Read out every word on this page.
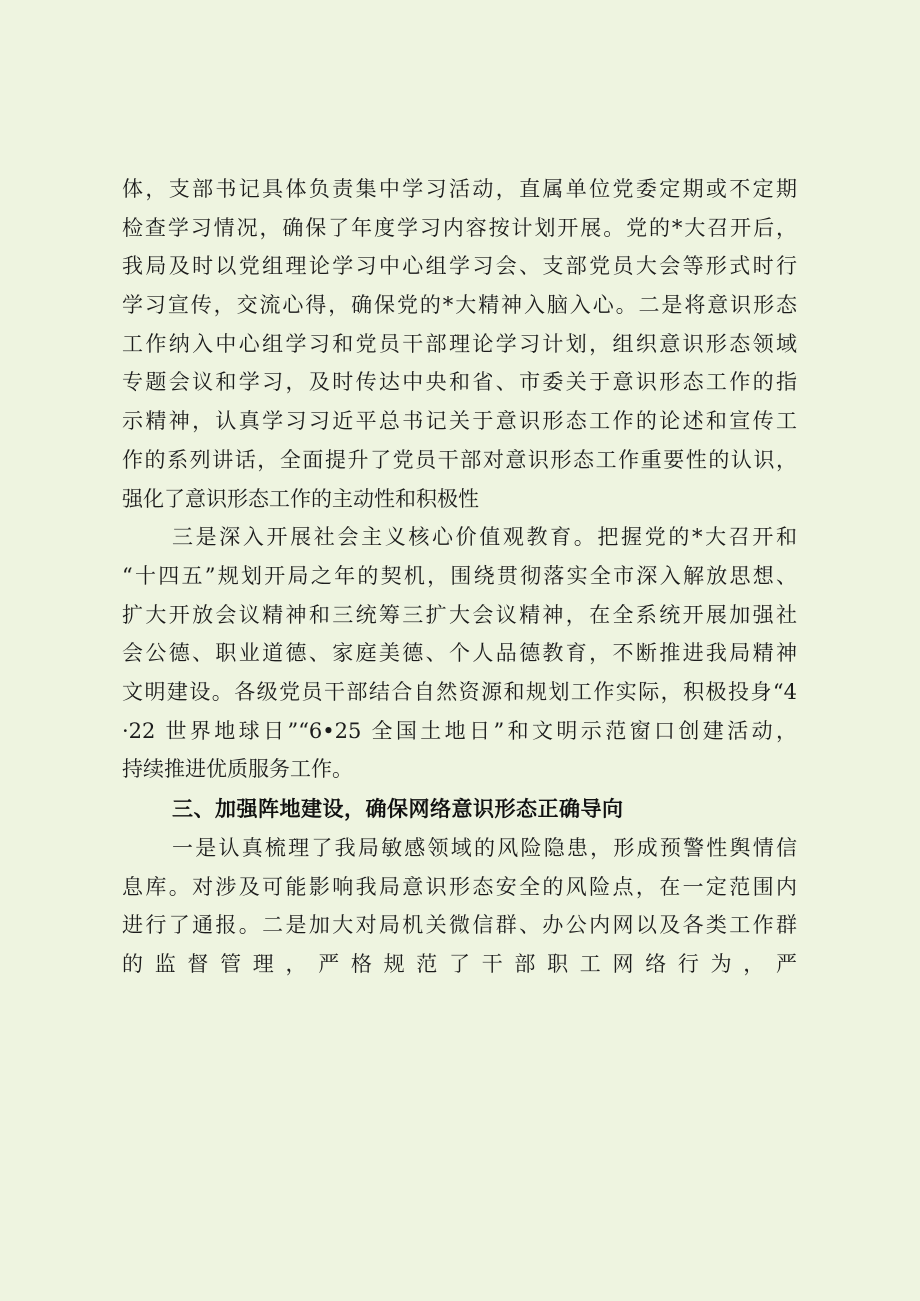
体，支部书记具体负责集中学习活动，直属单位党委定期或不定期
检查学习情况，确保了年度学习内容按计划开展。党的*大召开后，
我局及时以党组理论学习中心组学习会、支部党员大会等形式时行
学习宣传，交流心得，确保党的*大精神入脑入心。二是将意识形态
工作纳入中心组学习和党员干部理论学习计划，组织意识形态领域
专题会议和学习，及时传达中央和省、市委关于意识形态工作的指
示精神，认真学习习近平总书记关于意识形态工作的论述和宣传工
作的系列讲话，全面提升了党员干部对意识形态工作重要性的认识，
强化了意识形态工作的主动性和积极性
三是深入开展社会主义核心价值观教育。把握党的*大召开和
“十四五”规划开局之年的契机，围绕贯彻落实全市深入解放思想、
扩大开放会议精神和三统筹三扩大会议精神，在全系统开展加强社
会公德、职业道德、家庭美德、个人品德教育，不断推进我局精神
文明建设。各级党员干部结合自然资源和规划工作实际，积极投身“4
·22 世界地球日”“6•25 全国土地日”和文明示范窗口创建活动，
持续推进优质服务工作。
三、加强阵地建设，确保网络意识形态正确导向
一是认真梳理了我局敏感领域的风险隐患，形成预警性舆情信
息库。对涉及可能影响我局意识形态安全的风险点，在一定范围内
进行了通报。二是加大对局机关微信群、办公内网以及各类工作群
的监督管理，严格规范了干部职工网络行为，严
